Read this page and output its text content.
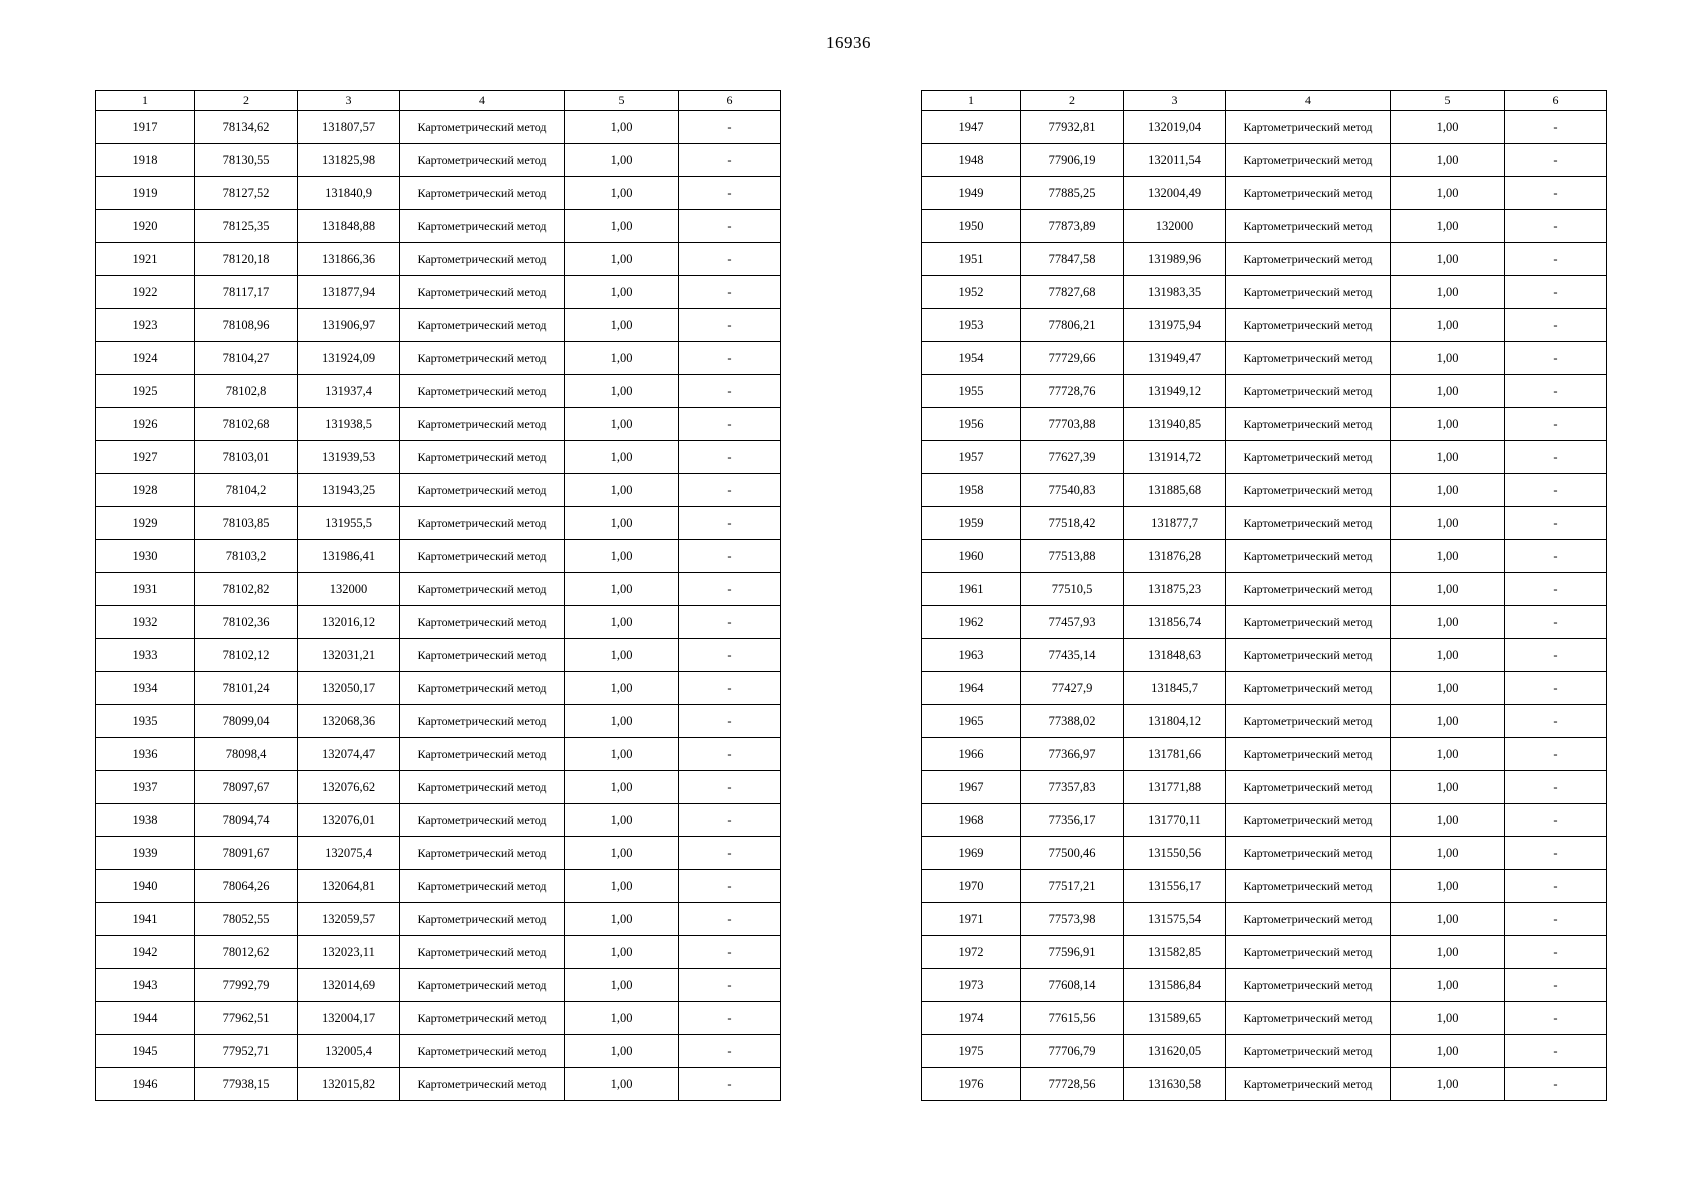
16936
1	2	3	4	5	6
1917	78134,62	131807,57	Картометрический метод	1,00	-
1918	78130,55	131825,98	Картометрический метод	1,00	-
1919	78127,52	131840,9	Картометрический метод	1,00	-
1920	78125,35	131848,88	Картометрический метод	1,00	-
1921	78120,18	131866,36	Картометрический метод	1,00	-
1922	78117,17	131877,94	Картометрический метод	1,00	-
1923	78108,96	131906,97	Картометрический метод	1,00	-
1924	78104,27	131924,09	Картометрический метод	1,00	-
1925	78102,8	131937,4	Картометрический метод	1,00	-
1926	78102,68	131938,5	Картометрический метод	1,00	-
1927	78103,01	131939,53	Картометрический метод	1,00	-
1928	78104,2	131943,25	Картометрический метод	1,00	-
1929	78103,85	131955,5	Картометрический метод	1,00	-
1930	78103,2	131986,41	Картометрический метод	1,00	-
1931	78102,82	132000	Картометрический метод	1,00	-
1932	78102,36	132016,12	Картометрический метод	1,00	-
1933	78102,12	132031,21	Картометрический метод	1,00	-
1934	78101,24	132050,17	Картометрический метод	1,00	-
1935	78099,04	132068,36	Картометрический метод	1,00	-
1936	78098,4	132074,47	Картометрический метод	1,00	-
1937	78097,67	132076,62	Картометрический метод	1,00	-
1938	78094,74	132076,01	Картометрический метод	1,00	-
1939	78091,67	132075,4	Картометрический метод	1,00	-
1940	78064,26	132064,81	Картометрический метод	1,00	-
1941	78052,55	132059,57	Картометрический метод	1,00	-
1942	78012,62	132023,11	Картометрический метод	1,00	-
1943	77992,79	132014,69	Картометрический метод	1,00	-
1944	77962,51	132004,17	Картометрический метод	1,00	-
1945	77952,71	132005,4	Картометрический метод	1,00	-
1946	77938,15	132015,82	Картометрический метод	1,00	-
1	2	3	4	5	6
1947	77932,81	132019,04	Картометрический метод	1,00	-
1948	77906,19	132011,54	Картометрический метод	1,00	-
1949	77885,25	132004,49	Картометрический метод	1,00	-
1950	77873,89	132000	Картометрический метод	1,00	-
1951	77847,58	131989,96	Картометрический метод	1,00	-
1952	77827,68	131983,35	Картометрический метод	1,00	-
1953	77806,21	131975,94	Картометрический метод	1,00	-
1954	77729,66	131949,47	Картометрический метод	1,00	-
1955	77728,76	131949,12	Картометрический метод	1,00	-
1956	77703,88	131940,85	Картометрический метод	1,00	-
1957	77627,39	131914,72	Картометрический метод	1,00	-
1958	77540,83	131885,68	Картометрический метод	1,00	-
1959	77518,42	131877,7	Картометрический метод	1,00	-
1960	77513,88	131876,28	Картометрический метод	1,00	-
1961	77510,5	131875,23	Картометрический метод	1,00	-
1962	77457,93	131856,74	Картометрический метод	1,00	-
1963	77435,14	131848,63	Картометрический метод	1,00	-
1964	77427,9	131845,7	Картометрический метод	1,00	-
1965	77388,02	131804,12	Картометрический метод	1,00	-
1966	77366,97	131781,66	Картометрический метод	1,00	-
1967	77357,83	131771,88	Картометрический метод	1,00	-
1968	77356,17	131770,11	Картометрический метод	1,00	-
1969	77500,46	131550,56	Картометрический метод	1,00	-
1970	77517,21	131556,17	Картометрический метод	1,00	-
1971	77573,98	131575,54	Картометрический метод	1,00	-
1972	77596,91	131582,85	Картометрический метод	1,00	-
1973	77608,14	131586,84	Картометрический метод	1,00	-
1974	77615,56	131589,65	Картометрический метод	1,00	-
1975	77706,79	131620,05	Картометрический метод	1,00	-
1976	77728,56	131630,58	Картометрический метод	1,00	-
